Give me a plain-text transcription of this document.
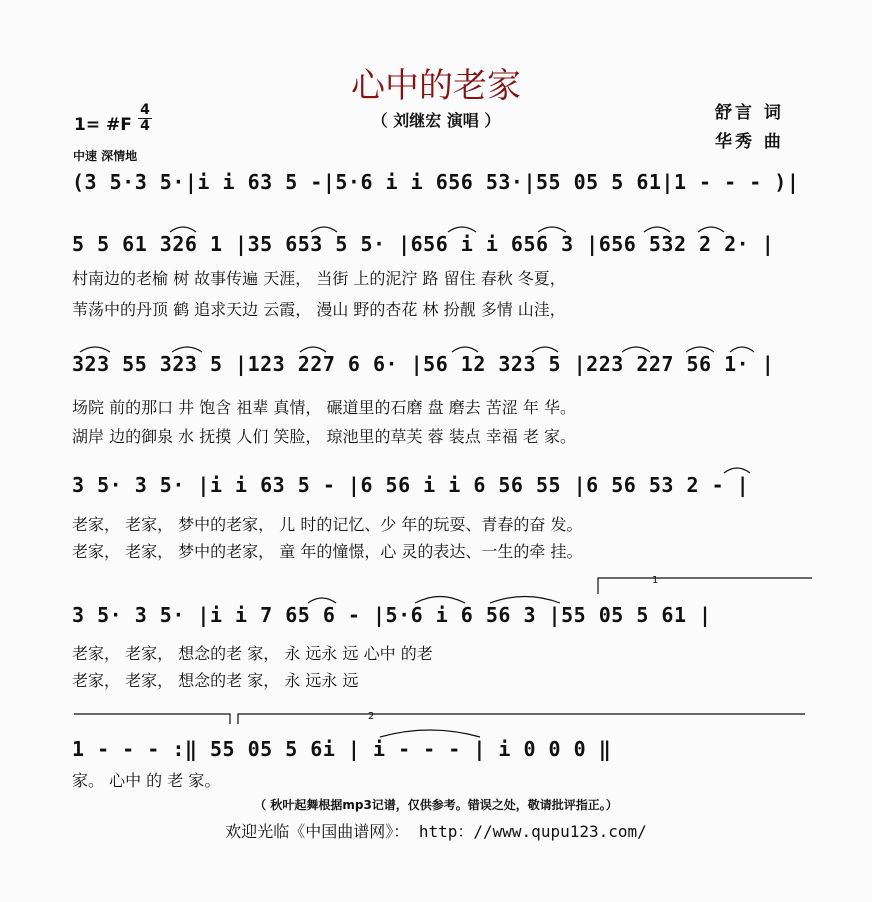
心中的老家
（ 刘继宏 演唱 ）	舒言 词
华秀 曲
1= #F
4
4
中速 深情地
(3 5·3 5·|i i 63 5 -|5·6 i i 656 53·|55 05 5 61|1 - - - )|
5 5 61 326 1 |35 653 5 5· |656 i i 656 3 |656 532 2 2· |
村南边的老榆 树 故事传遍 天涯， 当街 上的泥泞 路 留住 春秋 冬夏，
苇荡中的丹顶 鹤 追求天边 云霞， 漫山 野的杏花 林 扮靓 多情 山洼，
323 55 323 5 |123 227 6 6· |56 12 323 5 |223 227 56 1· |
场院 前的那口 井 饱含 祖辈 真情， 碾道里的石磨 盘 磨去 苦涩 年 华。
湖岸 边的御泉 水 抚摸 人们 笑脸， 琼池里的草芙 蓉 装点 幸福 老 家。
3 5· 3 5· |i i 63 5 - |6 56 i i 6 56 55 |6 56 53 2 - |
老家， 老家， 梦中的老家， 儿 时的记忆、少 年的玩耍、青春的奋 发。
老家， 老家， 梦中的老家， 童 年的憧憬，心 灵的表达、一生的牵 挂。
3 5· 3 5· |i i 7 65 6 - |5·6 i 6 56 3 |55 05 5 61 |
老家， 老家， 想念的老 家， 永 远永 远 心中 的老
老家， 老家， 想念的老 家， 永 远永 远
1 - - - :‖ 55 05 5 6i | i - - - | i 0 0 0 ‖
家。 心中 的 老 家。
1
2
（ 秋叶起舞根据mp3记谱，仅供参考。错误之处，敬请批评指正。）
欢迎光临《中国曲谱网》： http：//www.qupu123.com/
